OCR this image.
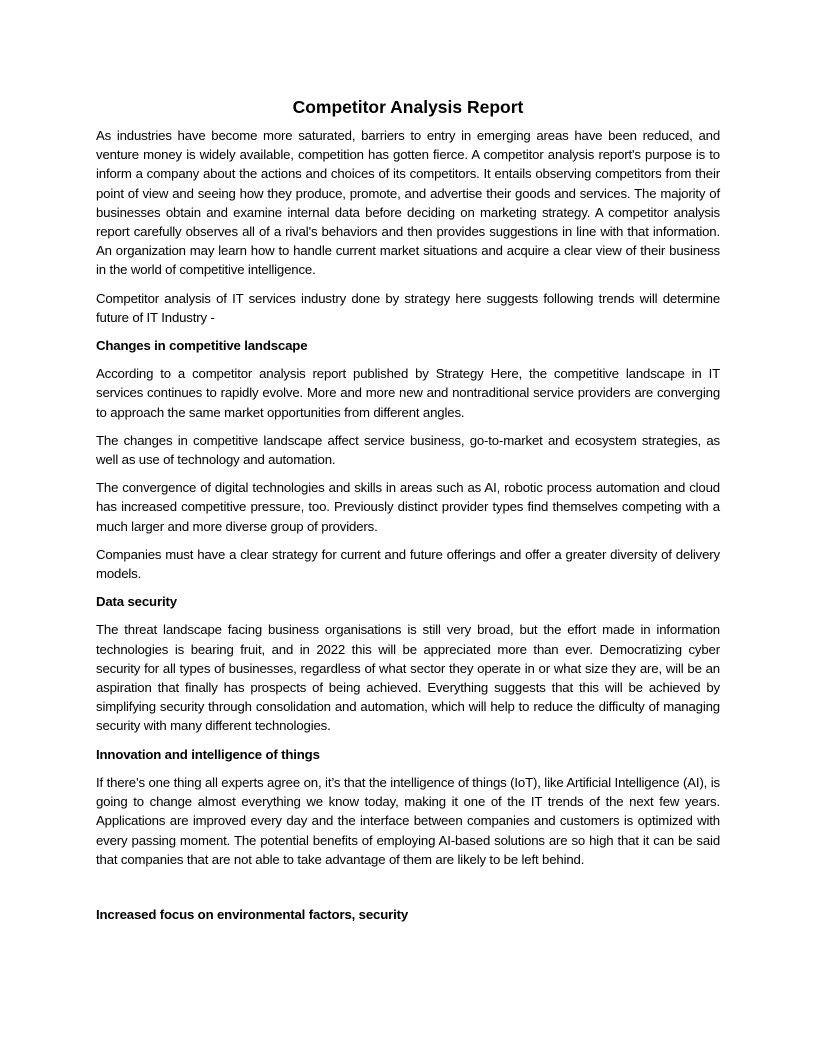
Competitor Analysis Report

As industries have become more saturated, barriers to entry in emerging areas have been reduced, and venture money is widely available, competition has gotten fierce. A competitor analysis report's purpose is to inform a company about the actions and choices of its competitors. It entails observing competitors from their point of view and seeing how they produce, promote, and advertise their goods and services. The majority of businesses obtain and examine internal data before deciding on marketing strategy. A competitor analysis report carefully observes all of a rival's behaviors and then provides suggestions in line with that information. An organization may learn how to handle current market situations and acquire a clear view of their business in the world of competitive intelligence.

Competitor analysis of IT services industry done by strategy here suggests following trends will determine future of IT Industry -

Changes in competitive landscape

According to a competitor analysis report published by Strategy Here, the competitive landscape in IT services continues to rapidly evolve. More and more new and nontraditional service providers are converging to approach the same market opportunities from different angles.

The changes in competitive landscape affect service business, go-to-market and ecosystem strategies, as well as use of technology and automation.

The convergence of digital technologies and skills in areas such as AI, robotic process automation and cloud has increased competitive pressure, too. Previously distinct provider types find themselves competing with a much larger and more diverse group of providers.

Companies must have a clear strategy for current and future offerings and offer a greater diversity of delivery models.

Data security

The threat landscape facing business organisations is still very broad, but the effort made in information technologies is bearing fruit, and in 2022 this will be appreciated more than ever. Democratizing cyber security for all types of businesses, regardless of what sector they operate in or what size they are, will be an aspiration that finally has prospects of being achieved. Everything suggests that this will be achieved by simplifying security through consolidation and automation, which will help to reduce the difficulty of managing security with many different technologies.

Innovation and intelligence of things

If there’s one thing all experts agree on, it’s that the intelligence of things (IoT), like Artificial Intelligence (AI), is going to change almost everything we know today, making it one of the IT trends of the next few years. Applications are improved every day and the interface between companies and customers is optimized with every passing moment. The potential benefits of employing AI-based solutions are so high that it can be said that companies that are not able to take advantage of them are likely to be left behind.

Increased focus on environmental factors, security
